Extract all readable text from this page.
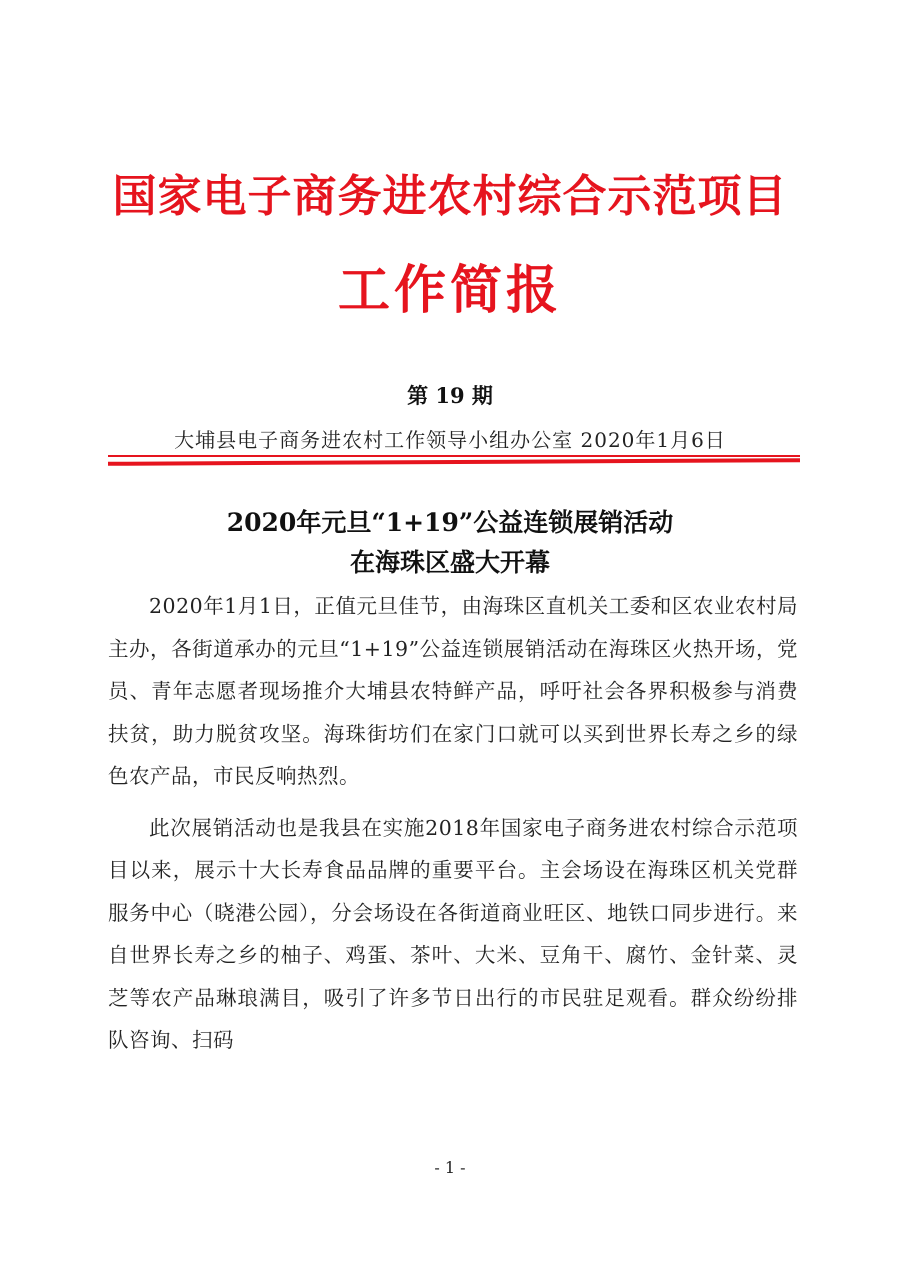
国家电子商务进农村综合示范项目
工作简报
第 19 期
大埔县电子商务进农村工作领导小组办公室 2020年1月6日
2020年元旦“1+19”公益连锁展销活动
在海珠区盛大开幕

2020年1月1日，正值元旦佳节，由海珠区直机关工委和区农业农村局主办，各街道承办的元旦“1+19”公益连锁展销活动在海珠区火热开场，党员、青年志愿者现场推介大埔县农特鲜产品，呼吁社会各界积极参与消费扶贫，助力脱贫攻坚。海珠街坊们在家门口就可以买到世界长寿之乡的绿色农产品，市民反响热烈。

此次展销活动也是我县在实施2018年国家电子商务进农村综合示范项目以来，展示十大长寿食品品牌的重要平台。主会场设在海珠区机关党群服务中心（晓港公园），分会场设在各街道商业旺区、地铁口同步进行。来自世界长寿之乡的柚子、鸡蛋、茶叶、大米、豆角干、腐竹、金针菜、灵芝等农产品琳琅满目，吸引了许多节日出行的市民驻足观看。群众纷纷排队咨询、扫码

- 1 -
